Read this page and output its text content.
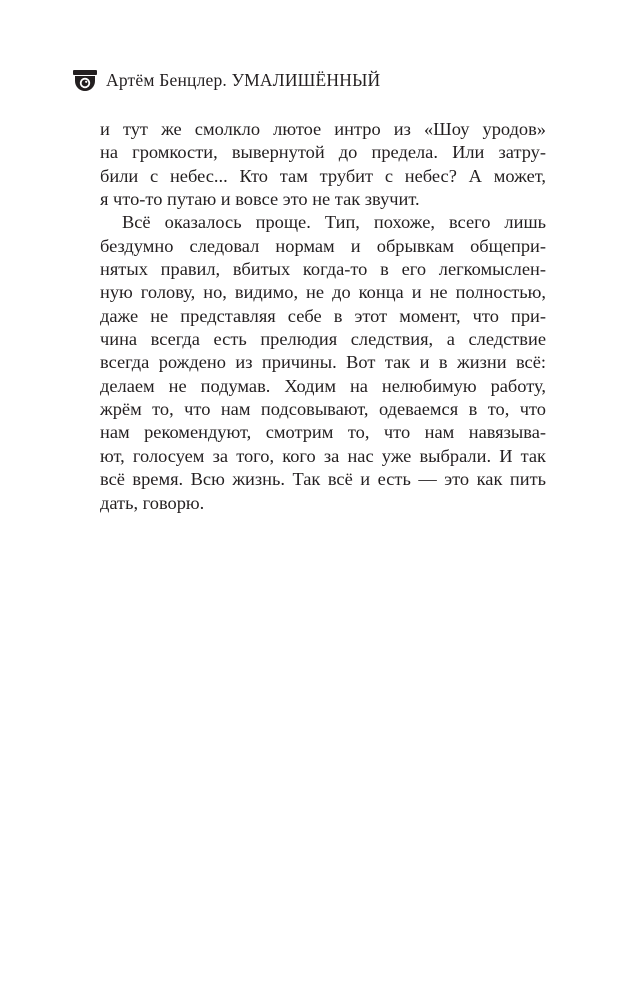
Артём Бенцлер. УМАЛИШЁННЫЙ
и тут же смолкло лютое интро из «Шоу уродов»
на громкости, вывернутой до предела. Или затру-
били с небес... Кто там трубит с небес? А может,
я что-то путаю и вовсе это не так звучит.
Всё оказалось проще. Тип, похоже, всего лишь
бездумно следовал нормам и обрывкам общепри-
нятых правил, вбитых когда-то в его легкомыслен-
ную голову, но, видимо, не до конца и не полностью,
даже не представляя себе в этот момент, что при-
чина всегда есть прелюдия следствия, а следствие
всегда рождено из причины. Вот так и в жизни всё:
делаем не подумав. Ходим на нелюбимую работу,
жрём то, что нам подсовывают, одеваемся в то, что
нам рекомендуют, смотрим то, что нам навязыва-
ют, голосуем за того, кого за нас уже выбрали. И так
всё время. Всю жизнь. Так всё и есть — это как пить
дать, говорю.
